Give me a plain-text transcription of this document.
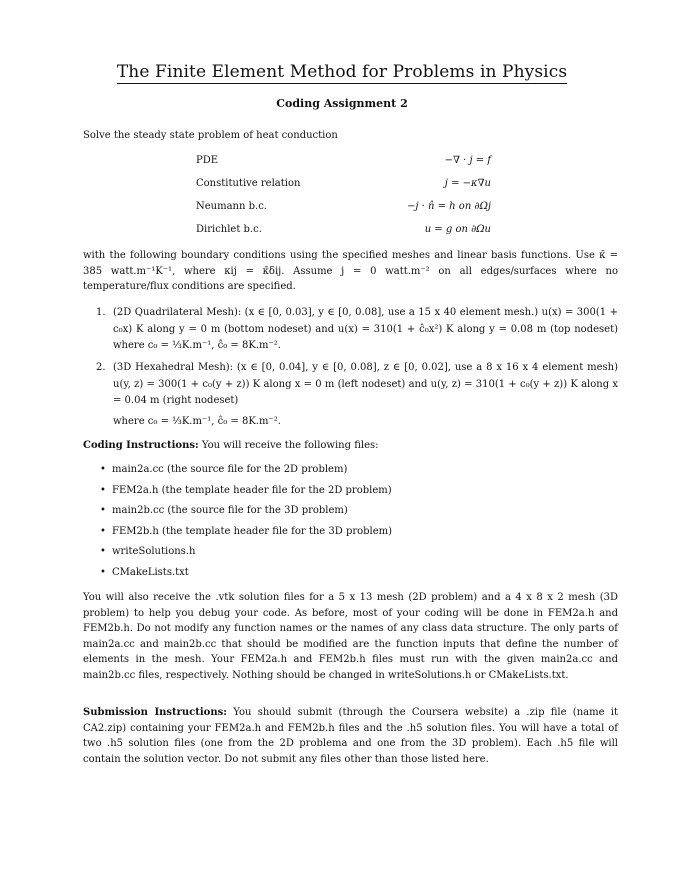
The Finite Element Method for Problems in Physics
Coding Assignment 2
Solve the steady state problem of heat conduction
PDE	−∇ · j = f
Constitutive relation	j = −κ∇u
Neumann b.c.	−j · n̂ = h on ∂Ωj
Dirichlet b.c.	u = g on ∂Ωu
with the following boundary conditions using the specified meshes and linear basis functions. Use κ̄ = 385 watt.m⁻¹K⁻¹, where κij = κ̄δij. Assume j = 0 watt.m⁻² on all edges/surfaces where no temperature/flux conditions are specified.
1. (2D Quadrilateral Mesh): (x ∈ [0, 0.03], y ∈ [0, 0.08], use a 15 x 40 element mesh.) u(x) = 300(1 + c₀x) K along y = 0 m (bottom nodeset) and u(x) = 310(1 + ĉ₀x²) K along y = 0.08 m (top nodeset) where c₀ = ⅓K.m⁻¹, ĉ₀ = 8K.m⁻².
2. (3D Hexahedral Mesh): (x ∈ [0, 0.04], y ∈ [0, 0.08], z ∈ [0, 0.02], use a 8 x 16 x 4 element mesh) u(y, z) = 300(1 + c₀(y + z)) K along x = 0 m (left nodeset) and u(y, z) = 310(1 + c₀(y + z)) K along x = 0.04 m (right nodeset)
where c₀ = ⅓K.m⁻¹, ĉ₀ = 8K.m⁻².
Coding Instructions: You will receive the following files:
• main2a.cc (the source file for the 2D problem)
• FEM2a.h (the template header file for the 2D problem)
• main2b.cc (the source file for the 3D problem)
• FEM2b.h (the template header file for the 3D problem)
• writeSolutions.h
• CMakeLists.txt
You will also receive the .vtk solution files for a 5 x 13 mesh (2D problem) and a 4 x 8 x 2 mesh (3D problem) to help you debug your code. As before, most of your coding will be done in FEM2a.h and FEM2b.h. Do not modify any function names or the names of any class data structure. The only parts of main2a.cc and main2b.cc that should be modified are the function inputs that define the number of elements in the mesh. Your FEM2a.h and FEM2b.h files must run with the given main2a.cc and main2b.cc files, respectively. Nothing should be changed in writeSolutions.h or CMakeLists.txt.
Submission Instructions: You should submit (through the Coursera website) a .zip file (name it CA2.zip) containing your FEM2a.h and FEM2b.h files and the .h5 solution files. You will have a total of two .h5 solution files (one from the 2D problema and one from the 3D problem). Each .h5 file will contain the solution vector. Do not submit any files other than those listed here.
